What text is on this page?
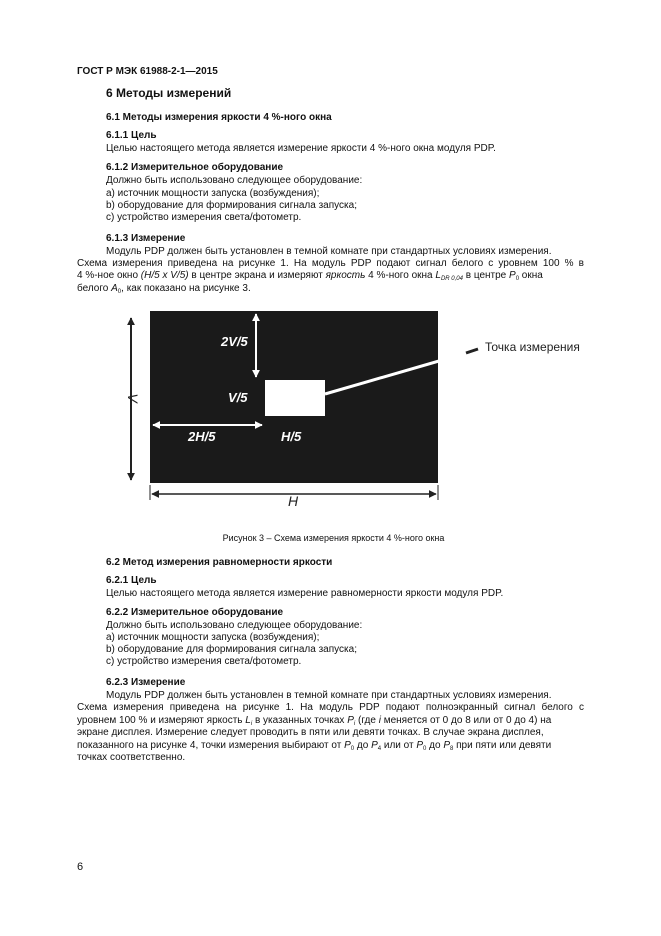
ГОСТ Р МЭК 61988-2-1—2015
6 Методы измерений
6.1 Методы измерения яркости 4 %-ного окна
6.1.1 Цель
Целью настоящего метода является измерение яркости 4 %-ного окна модуля PDP.
6.1.2 Измерительное оборудование
Должно быть использовано следующее оборудование:
a) источник мощности запуска (возбуждения);
b) оборудование для формирования сигнала запуска;
c) устройство измерения света/фотометр.
6.1.3 Измерение
Модуль PDP должен быть установлен в темной комнате при стандартных условиях измерения.
Схема измерения приведена на рисунке 1. На модуль PDP подают сигнал белого с уровнем 100 % в
4 %-ное окно (H/5 x V/5) в центре экрана и измеряют яркость 4 %-ного окна $L_{DR 0,04}$ в центре $P_0$ окна
белого $A_0$, как показано на рисунке 3.
2V/5
V/5
2H/5	H/5
V
H
Точка измерения
Рисунок 3 – Схема измерения яркости 4 %-ного окна
6.2 Метод измерения равномерности яркости
6.2.1 Цель
Целью настоящего метода является измерение равномерности яркости модуля PDP.
6.2.2 Измерительное оборудование
Должно быть использовано следующее оборудование:
a) источник мощности запуска (возбуждения);
b) оборудование для формирования сигнала запуска;
c) устройство измерения света/фотометр.
6.2.3 Измерение
Модуль PDP должен быть установлен в темной комнате при стандартных условиях измерения.
Схема измерения приведена на рисунке 1. На модуль PDP подают полноэкранный сигнал белого с
уровнем 100 % и измеряют яркость $L_i$ в указанных точках $P_i$ (где i меняется от 0 до 8 или от 0 до 4) на
экране дисплея. Измерение следует проводить в пяти или девяти точках. В случае экрана дисплея,
показанного на рисунке 4, точки измерения выбирают от $P_0$ до $P_4$ или от $P_0$ до $P_8$ при пяти или девяти
точках соответственно.
6
